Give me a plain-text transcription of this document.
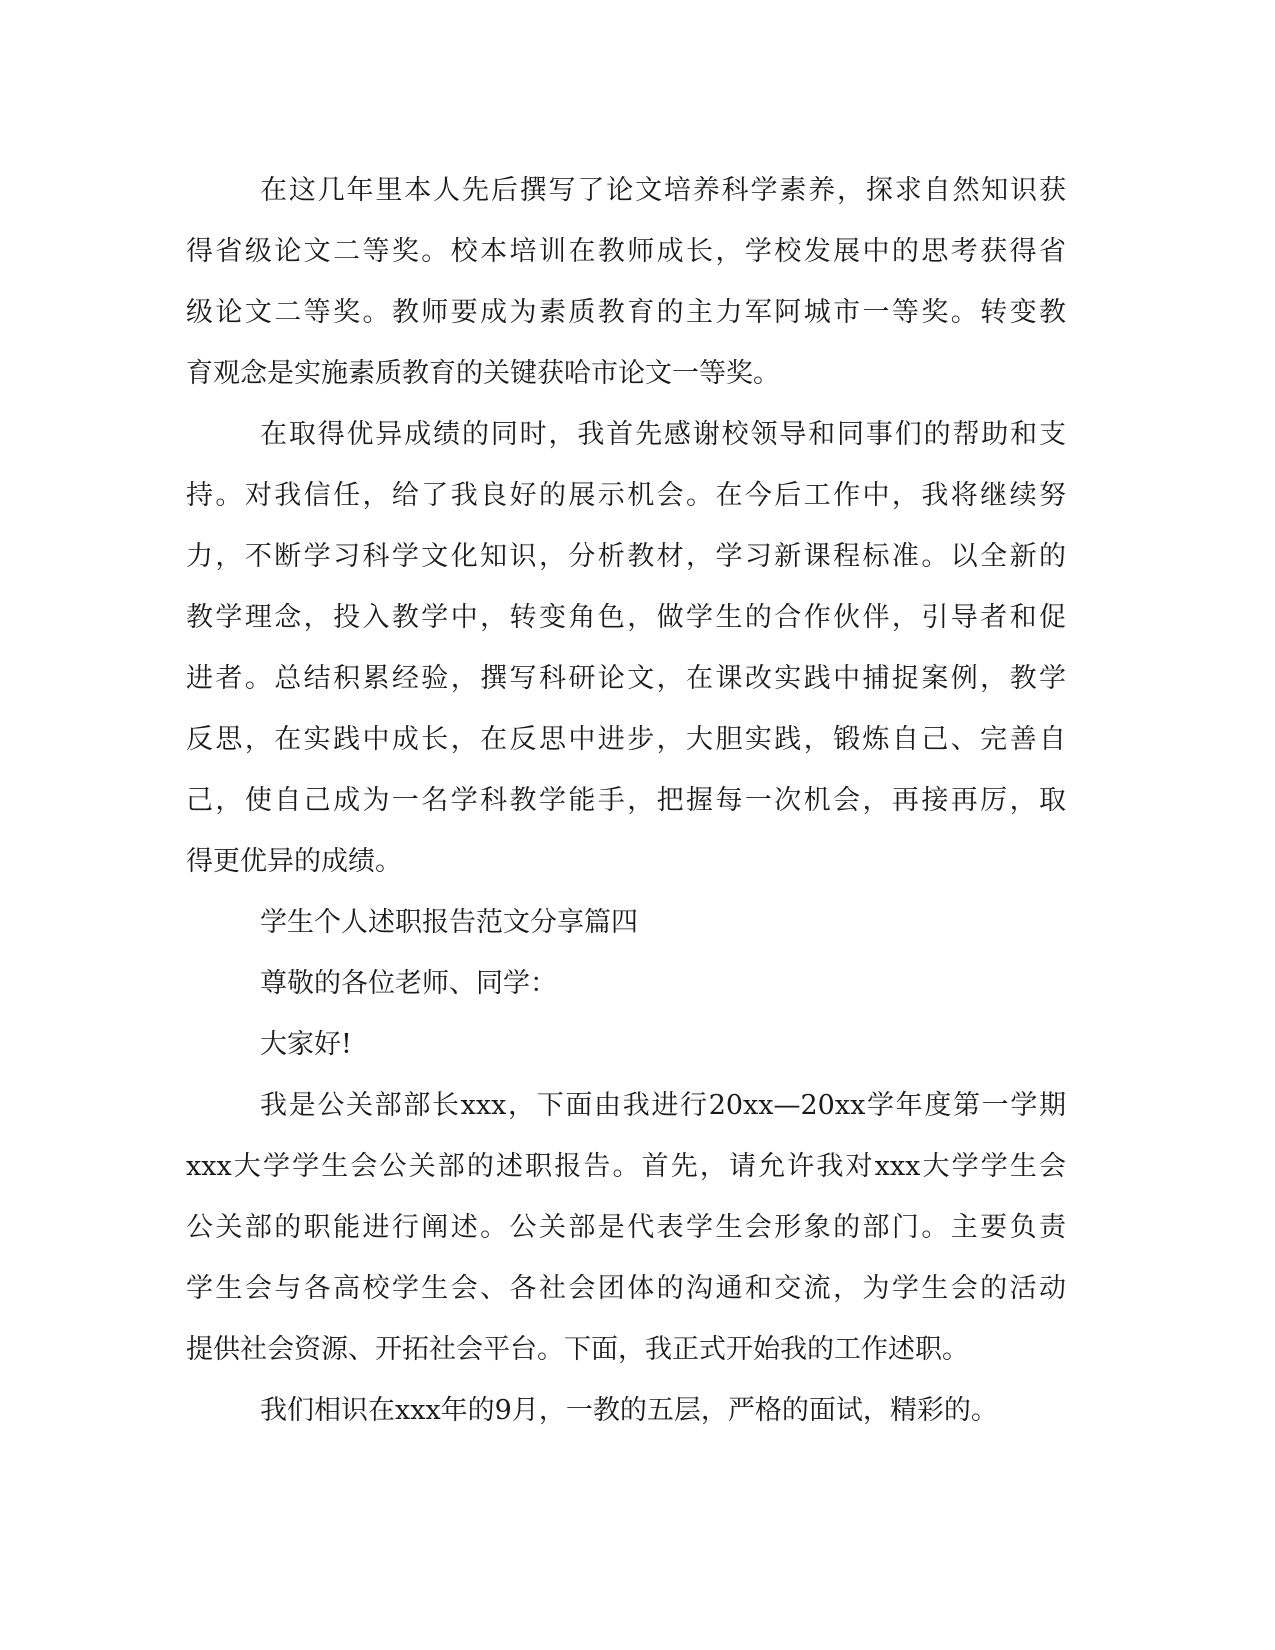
在这几年里本人先后撰写了论文培养科学素养，探求自然知识获
得省级论文二等奖。校本培训在教师成长，学校发展中的思考获得省
级论文二等奖。教师要成为素质教育的主力军阿城市一等奖。转变教
育观念是实施素质教育的关键获哈市论文一等奖。
在取得优异成绩的同时，我首先感谢校领导和同事们的帮助和支
持。对我信任，给了我良好的展示机会。在今后工作中，我将继续努
力，不断学习科学文化知识，分析教材，学习新课程标准。以全新的
教学理念，投入教学中，转变角色，做学生的合作伙伴，引导者和促
进者。总结积累经验，撰写科研论文，在课改实践中捕捉案例，教学
反思，在实践中成长，在反思中进步，大胆实践，锻炼自己、完善自
己，使自己成为一名学科教学能手，把握每一次机会，再接再厉，取
得更优异的成绩。
学生个人述职报告范文分享篇四
尊敬的各位老师、同学：
大家好!
我是公关部部长xxx，下面由我进行20xx—20xx学年度第一学期
xxx大学学生会公关部的述职报告。首先，请允许我对xxx大学学生会
公关部的职能进行阐述。公关部是代表学生会形象的部门。主要负责
学生会与各高校学生会、各社会团体的沟通和交流，为学生会的活动
提供社会资源、开拓社会平台。下面，我正式开始我的工作述职。
我们相识在xxx年的9月，一教的五层，严格的面试，精彩的。
